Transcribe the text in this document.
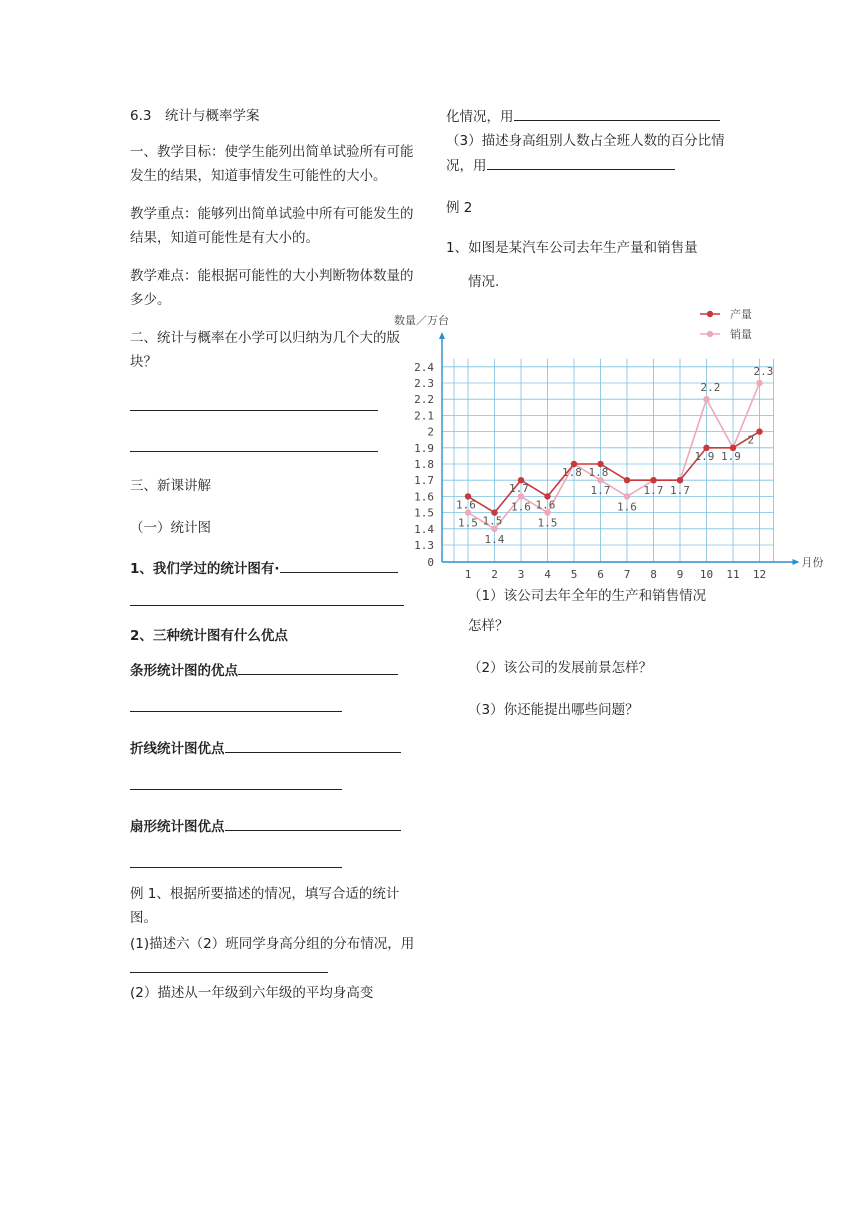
6.3　统计与概率学案

一、教学目标：使学生能列出简单试验所有可能发生的结果，知道事情发生可能性的大小。

教学重点：能够列出简单试验中所有可能发生的结果，知道可能性是有大小的。

教学难点：能根据可能性的大小判断物体数量的多少。

二、统计与概率在小学可以归纳为几个大的版块？

三、新课讲解

（一）统计图

1、我们学过的统计图有·

2、三种统计图有什么优点

条形统计图的优点

折线统计图优点

扇形统计图优点

例 1、根据所要描述的情况，填写合适的统计图。

(1)描述六（2）班同学身高分组的分布情况，用

(2）描述从一年级到六年级的平均身高变

化情况，用

（3）描述身高组别人数占全班人数的百分比情况，用

例 2

1、如图是某汽车公司去年生产量和销售量

情况.

（1）该公司去年全年的生产和销售情况

怎样？

（2）该公司的发展前景怎样？

（3）你还能提出哪些问题？

0
1.3
1.4
1.5
1.6
1.7
1.8
1.9
2
2.1
2.2
2.3
2.4
1 2 3 4 5 6 7 8 9 10 11 12
数量／万台
月份
1.6
1.5
1.7
1.6
1.8 1.8
1.9 1.9
2
1.5
1.4
1.6
1.5
1.7
1.6
1.7 1.7
2.2
2.3
产量
销量
